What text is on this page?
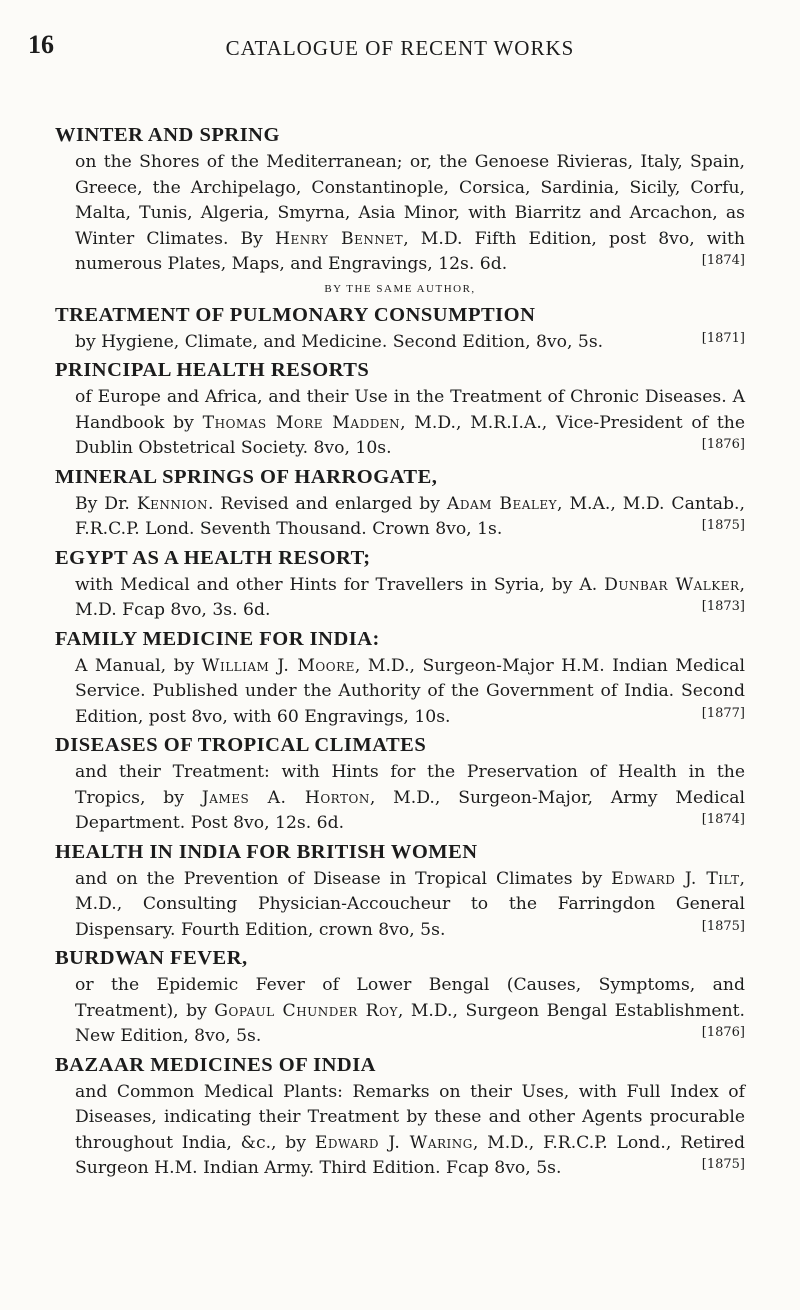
16	CATALOGUE OF RECENT WORKS
WINTER AND SPRING
on the Shores of the Mediterranean; or, the Genoese Rivieras, Italy, Spain, Greece, the Archipelago, Constantinople, Corsica, Sardinia, Sicily, Corfu, Malta, Tunis, Algeria, Smyrna, Asia Minor, with Biarritz and Arcachon, as Winter Climates. By Henry Bennet, M.D. Fifth Edition, post 8vo, with numerous Plates, Maps, and Engravings, 12s. 6d.	[1874]
BY THE SAME AUTHOR,
TREATMENT OF PULMONARY CONSUMPTION
by Hygiene, Climate, and Medicine. Second Edition, 8vo, 5s.	[1871]
PRINCIPAL HEALTH RESORTS
of Europe and Africa, and their Use in the Treatment of Chronic Diseases. A Handbook by Thomas More Madden, M.D., M.R.I.A., Vice-President of the Dublin Obstetrical Society. 8vo, 10s.	[1876]
MINERAL SPRINGS OF HARROGATE,
By Dr. Kennion. Revised and enlarged by Adam Bealey, M.A., M.D. Cantab., F.R.C.P. Lond. Seventh Thousand. Crown 8vo, 1s.	[1875]
EGYPT AS A HEALTH RESORT;
with Medical and other Hints for Travellers in Syria, by A. Dunbar Walker, M.D. Fcap 8vo, 3s. 6d.	[1873]
FAMILY MEDICINE FOR INDIA:
A Manual, by William J. Moore, M.D., Surgeon-Major H.M. Indian Medical Service. Published under the Authority of the Government of India. Second Edition, post 8vo, with 60 Engravings, 10s.	[1877]
DISEASES OF TROPICAL CLIMATES
and their Treatment: with Hints for the Preservation of Health in the Tropics, by James A. Horton, M.D., Surgeon-Major, Army Medical Department. Post 8vo, 12s. 6d.	[1874]
HEALTH IN INDIA FOR BRITISH WOMEN
and on the Prevention of Disease in Tropical Climates by Edward J. Tilt, M.D., Consulting Physician-Accoucheur to the Farringdon General Dispensary. Fourth Edition, crown 8vo, 5s.	[1875]
BURDWAN FEVER,
or the Epidemic Fever of Lower Bengal (Causes, Symptoms, and Treatment), by Gopaul Chunder Roy, M.D., Surgeon Bengal Establishment. New Edition, 8vo, 5s.	[1876]
BAZAAR MEDICINES OF INDIA
and Common Medical Plants: Remarks on their Uses, with Full Index of Diseases, indicating their Treatment by these and other Agents procurable throughout India, &c., by Edward J. Waring, M.D., F.R.C.P. Lond., Retired Surgeon H.M. Indian Army. Third Edition. Fcap 8vo, 5s.	[1875]
